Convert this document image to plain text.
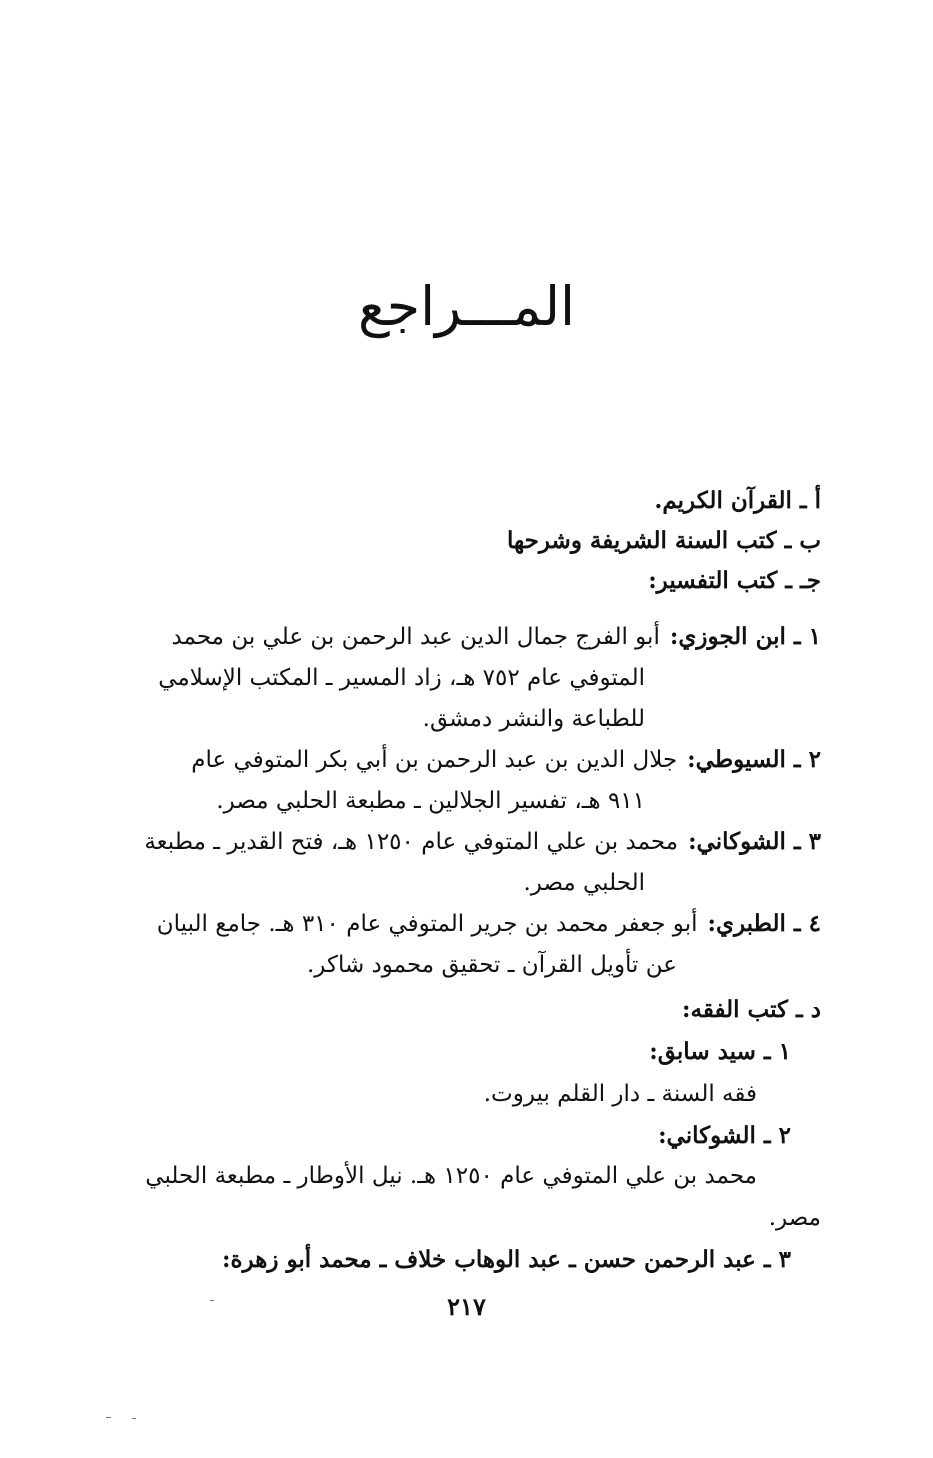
المـــراجع
أ ـ القرآن الكريم.
ب ـ كتب السنة الشريفة وشرحها
جـ ـ كتب التفسير:
١ ـ ابن الجوزي:أبو الفرج جمال الدين عبد الرحمن بن علي بن محمد
المتوفي عام ٧٥٢ هـ، زاد المسير ـ المكتب الإسلامي
للطباعة والنشر دمشق.
٢ ـ السيوطي:جلال الدين بن عبد الرحمن بن أبي بكر المتوفي عام
٩١١ هـ، تفسير الجلالين ـ مطبعة الحلبي مصر.
٣ ـ الشوكاني:محمد بن علي المتوفي عام ١٢٥٠ هـ، فتح القدير ـ مطبعة
الحلبي مصر.
٤ ـ الطبري:أبو جعفر محمد بن جرير المتوفي عام ٣١٠ هـ. جامع البيان
عن تأويل القرآن ـ تحقيق محمود شاكر.
د ـ كتب الفقه:
١ ـ سيد سابق:
فقه السنة ـ دار القلم بيروت.
٢ ـ الشوكاني:
محمد بن علي المتوفي عام ١٢٥٠ هـ. نيل الأوطار ـ مطبعة الحلبي
مصر.
٣ ـ عبد الرحمن حسن ـ عبد الوهاب خلاف ـ محمد أبو زهرة:
٢١٧
